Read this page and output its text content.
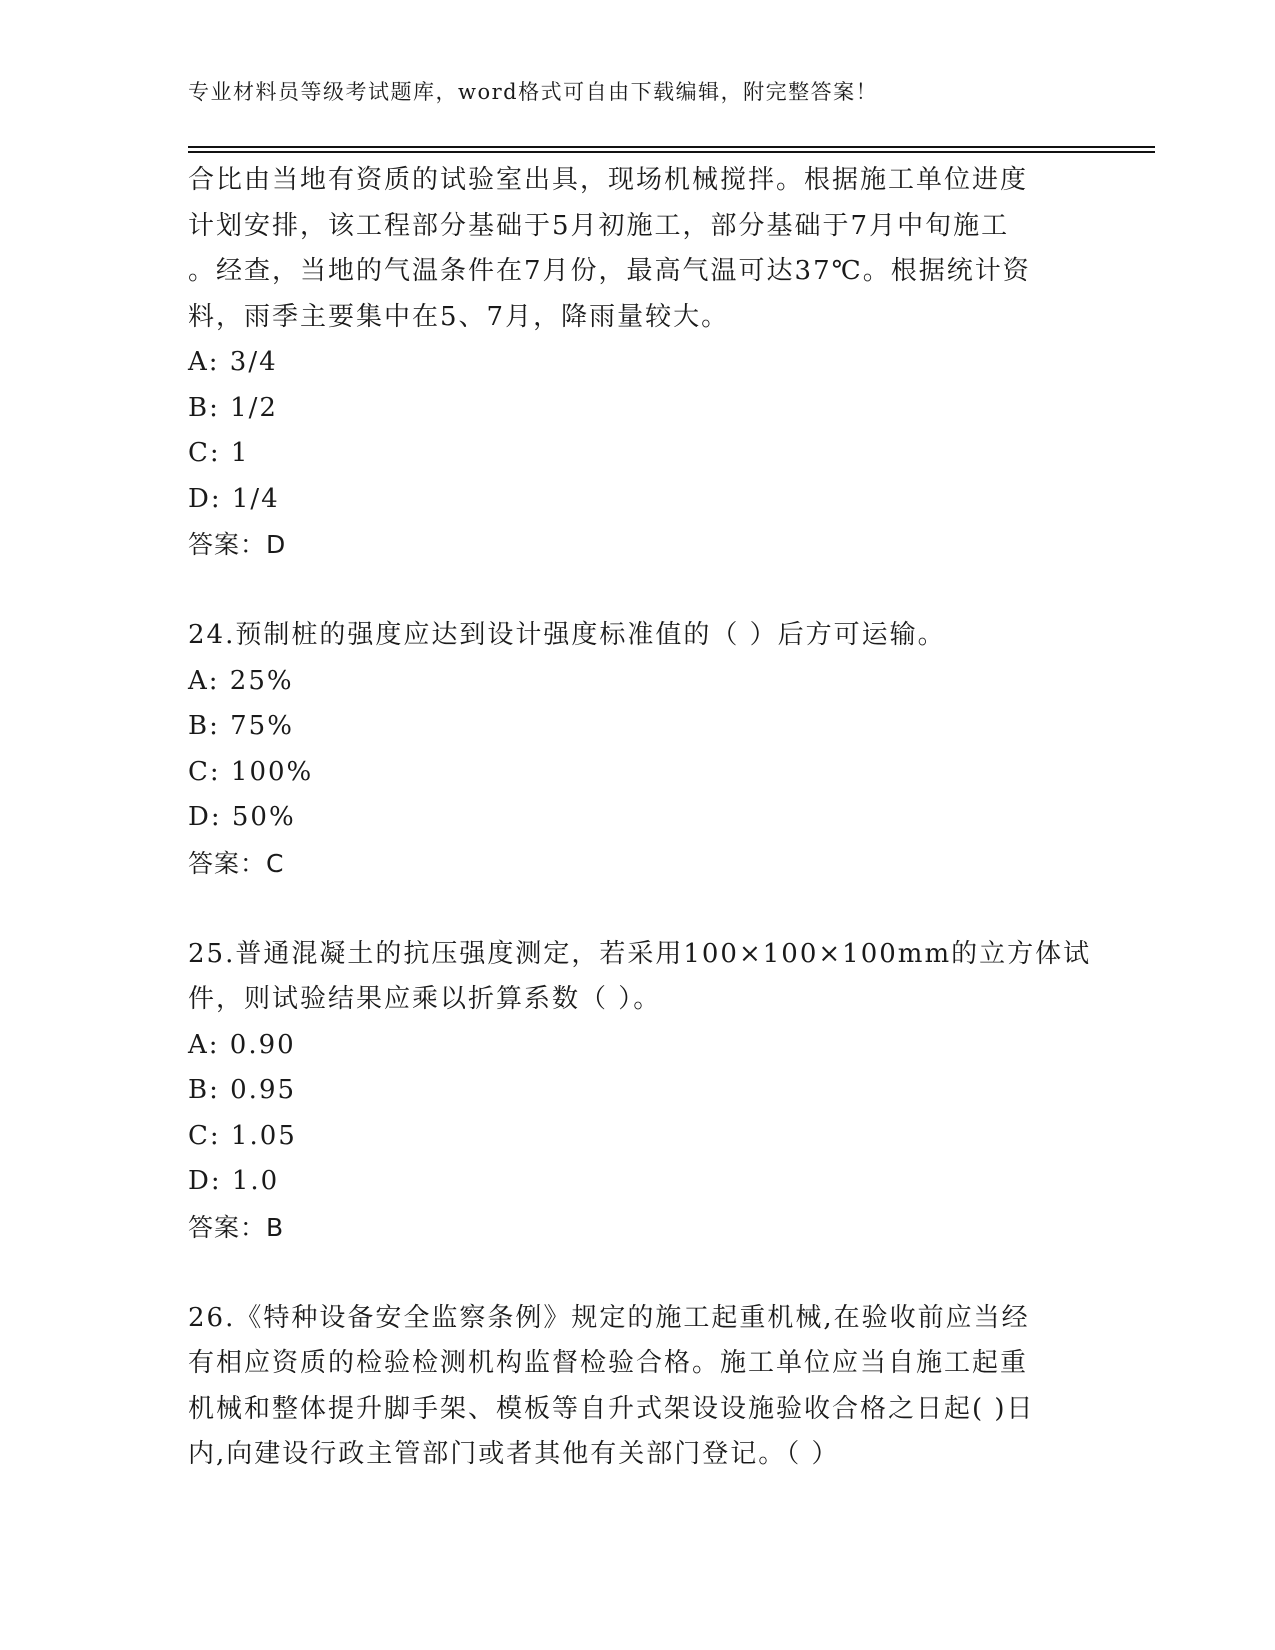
专业材料员等级考试题库，word格式可自由下载编辑，附完整答案！
合比由当地有资质的试验室出具，现场机械搅拌。根据施工单位进度
计划安排，该工程部分基础于5月初施工，部分基础于7月中旬施工
。经查，当地的气温条件在7月份，最高气温可达37℃。根据统计资
料，雨季主要集中在5、7月，降雨量较大。
A: 3/4
B: 1/2
C: 1
D: 1/4
答案：D
24.预制桩的强度应达到设计强度标准值的（ ）后方可运输。
A: 25%
B: 75%
C: 100%
D: 50%
答案：C
25.普通混凝土的抗压强度测定，若采用100×100×100mm的立方体试
件，则试验结果应乘以折算系数（ ）。
A: 0.90
B: 0.95
C: 1.05
D: 1.0
答案：B
26.《特种设备安全监察条例》规定的施工起重机械,在验收前应当经
有相应资质的检验检测机构监督检验合格。施工单位应当自施工起重
机械和整体提升脚手架、模板等自升式架设设施验收合格之日起( )日
内,向建设行政主管部门或者其他有关部门登记。（ ）
